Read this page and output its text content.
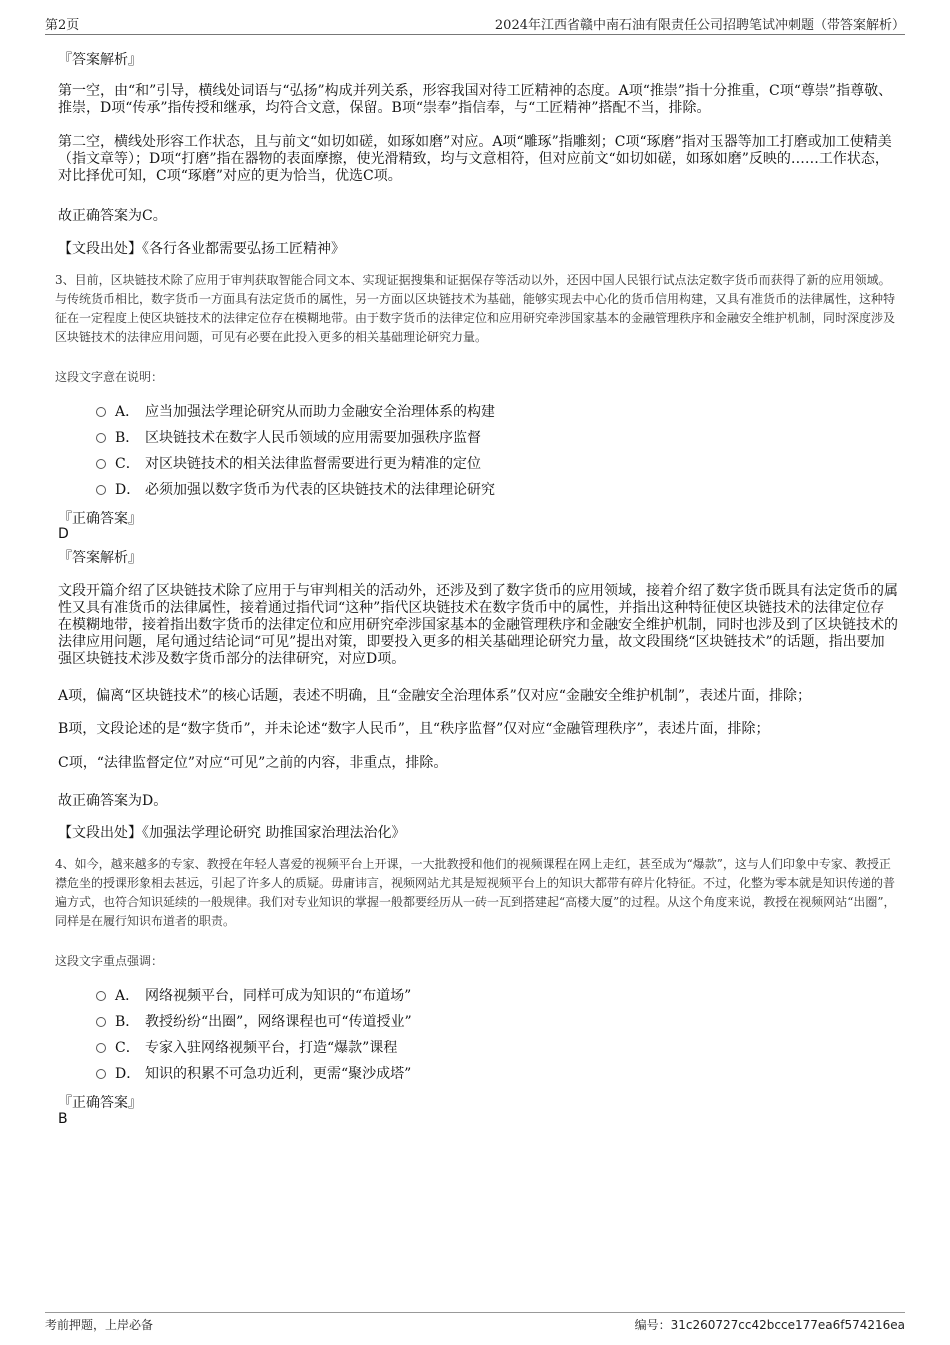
第2页	2024年江西省赣中南石油有限责任公司招聘笔试冲刺题（带答案解析）
『答案解析』

第一空，由“和”引导，横线处词语与“弘扬”构成并列关系，形容我国对待工匠精神的态度。A项“推崇”指十分推重，C项“尊崇”指尊敬、推崇，D项“传承”指传授和继承，均符合文意，保留。B项“崇奉”指信奉，与“工匠精神”搭配不当，排除。

第二空，横线处形容工作状态，且与前文“如切如磋，如琢如磨”对应。A项“雕琢”指雕刻；C项“琢磨”指对玉器等加工打磨或加工使精美（指文章等）；D项“打磨”指在器物的表面摩擦，使光滑精致，均与文意相符，但对应前文“如切如磋，如琢如磨”反映的……工作状态，对比择优可知，C项“琢磨”对应的更为恰当，优选C项。

故正确答案为C。
【文段出处】《各行各业都需要弘扬工匠精神》

3、目前，区块链技术除了应用于审判获取智能合同文本、实现证据搜集和证据保存等活动以外，还因中国人民银行试点法定数字货币而获得了新的应用领域。与传统货币相比，数字货币一方面具有法定货币的属性，另一方面以区块链技术为基础，能够实现去中心化的货币信用构建，又具有准货币的法律属性，这种特征在一定程度上使区块链技术的法律定位存在模糊地带。由于数字货币的法律定位和应用研究牵涉国家基本的金融管理秩序和金融安全维护机制，同时深度涉及区块链技术的法律应用问题，可见有必要在此投入更多的相关基础理论研究力量。

这段文字意在说明：
A． 应当加强法学理论研究从而助力金融安全治理体系的构建
B． 区块链技术在数字人民币领域的应用需要加强秩序监督
C． 对区块链技术的相关法律监督需要进行更为精准的定位
D． 必须加强以数字货币为代表的区块链技术的法律理论研究
『正确答案』
D
『答案解析』

文段开篇介绍了区块链技术除了应用于与审判相关的活动外，还涉及到了数字货币的应用领域，接着介绍了数字货币既具有法定货币的属性又具有准货币的法律属性，接着通过指代词“这种”指代区块链技术在数字货币中的属性，并指出这种特征使区块链技术的法律定位存在模糊地带，接着指出数字货币的法律定位和应用研究牵涉国家基本的金融管理秩序和金融安全维护机制，同时也涉及到了区块链技术的法律应用问题，尾句通过结论词“可见”提出对策，即要投入更多的相关基础理论研究力量，故文段围绕“区块链技术”的话题，指出要加强区块链技术涉及数字货币部分的法律研究，对应D项。

A项，偏离“区块链技术”的核心话题，表述不明确，且“金融安全治理体系”仅对应“金融安全维护机制”，表述片面，排除；

B项，文段论述的是“数字货币”，并未论述“数字人民币”，且“秩序监督”仅对应“金融管理秩序”，表述片面，排除；

C项，“法律监督定位”对应“可见”之前的内容，非重点，排除。

故正确答案为D。
【文段出处】《加强法学理论研究 助推国家治理法治化》

4、如今，越来越多的专家、教授在年轻人喜爱的视频平台上开课，一大批教授和他们的视频课程在网上走红，甚至成为“爆款”，这与人们印象中专家、教授正襟危坐的授课形象相去甚远，引起了许多人的质疑。毋庸讳言，视频网站尤其是短视频平台上的知识大都带有碎片化特征。不过，化整为零本就是知识传递的普遍方式，也符合知识延续的一般规律。我们对专业知识的掌握一般都要经历从一砖一瓦到搭建起“高楼大厦”的过程。从这个角度来说，教授在视频网站“出圈”，同样是在履行知识布道者的职责。

这段文字重点强调：
A． 网络视频平台，同样可成为知识的“布道场”
B． 教授纷纷“出圈”，网络课程也可“传道授业”
C． 专家入驻网络视频平台，打造“爆款”课程
D． 知识的积累不可急功近利，更需“聚沙成塔”
『正确答案』
B
考前押题，上岸必备	编号：31c260727cc42bcce177ea6f574216ea
